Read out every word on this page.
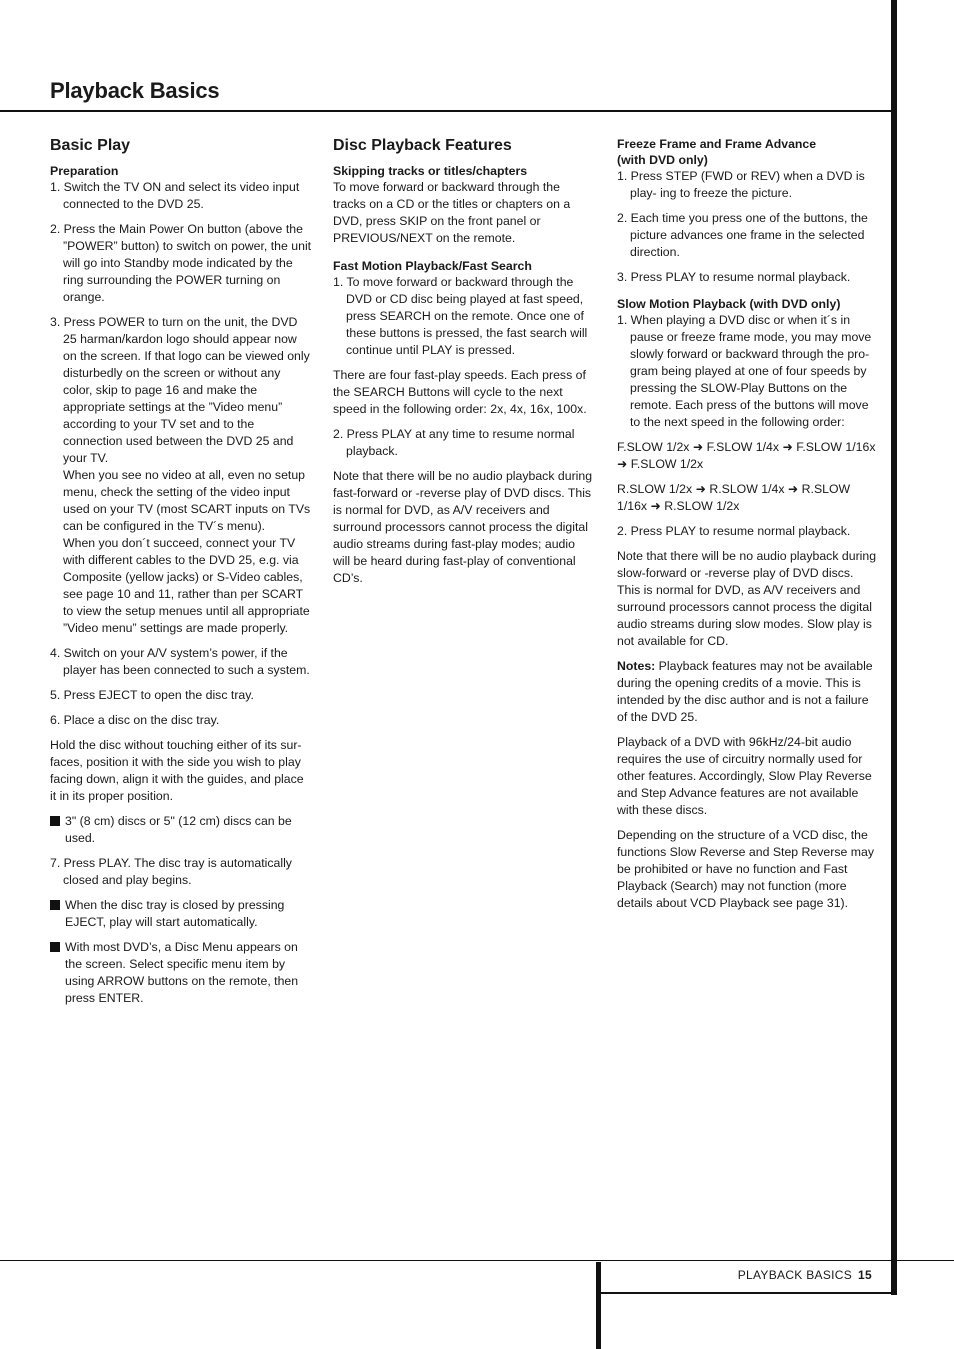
Playback Basics
Basic Play
Preparation
1. Switch the TV ON and select its video input connected to the DVD 25.
2. Press the Main Power On button (above the ”POWER” button) to switch on power, the unit will go into Standby mode indicated by the ring surrounding the POWER turning on orange.
3. Press POWER to turn on the unit, the DVD 25 harman/kardon logo should appear now on the screen. If that logo can be viewed only disturbedly on the screen or without any color, skip to page 16 and make the appropriate settings at the ”Video menu” according to your TV set and to the connection used between the DVD 25 and your TV.
When you see no video at all, even no setup menu, check the setting of the video input used on your TV (most SCART inputs on TVs can be configured in the TV´s menu).
When you don´t succeed, connect your TV with different cables to the DVD 25, e.g. via Composite (yellow jacks) or S-Video cables, see page 10 and 11, rather than per SCART to view the setup menues until all appropriate ”Video menu” settings are made properly.
4. Switch on your A/V system’s power, if the player has been connected to such a system.
5. Press EJECT to open the disc tray.
6. Place a disc on the disc tray.

Hold the disc without touching either of its sur- faces, position it with the side you wish to play facing down, align it with the guides, and place it in its proper position.

3" (8 cm) discs or 5" (12 cm) discs can be used.
7. Press PLAY. The disc tray is automatically closed and play begins.
When the disc tray is closed by pressing EJECT, play will start automatically.
With most DVD’s, a Disc Menu appears on the screen. Select specific menu item by using ARROW buttons on the remote, then press ENTER.
Disc Playback Features
Skipping tracks or titles/chapters

To move forward or backward through the tracks on a CD or the titles or chapters on a DVD, press SKIP on the front panel or PREVIOUS/NEXT on the remote.

Fast Motion Playback/Fast Search
1. To move forward or backward through the DVD or CD disc being played at fast speed, press SEARCH on the remote. Once one of these buttons is pressed, the fast search will continue until PLAY is pressed.

There are four fast-play speeds. Each press of the SEARCH Buttons will cycle to the next speed in the following order: 2x, 4x, 16x, 100x.

2. Press PLAY at any time to resume normal playback.

Note that there will be no audio playback during fast-forward or -reverse play of DVD discs. This is normal for DVD, as A/V receivers and surround processors cannot process the digital audio streams during fast-play modes; audio will be heard during fast-play of conventional CD’s.

Freeze Frame and Frame Advance
(with DVD only)
1. Press STEP (FWD or REV) when a DVD is play- ing to freeze the picture.
2. Each time you press one of the buttons, the picture advances one frame in the selected direction.
3. Press PLAY to resume normal playback.
Slow Motion Playback (with DVD only)
1. When playing a DVD disc or when it´s in pause or freeze frame mode, you may move slowly forward or backward through the pro- gram being played at one of four speeds by pressing the SLOW-Play Buttons on the remote. Each press of the buttons will move to the next speed in the following order:

F.SLOW 1/2x ➜ F.SLOW 1/4x ➜ F.SLOW 1/16x ➜ F.SLOW 1/2x

R.SLOW 1/2x ➜ R.SLOW 1/4x ➜ R.SLOW 1/16x ➜ R.SLOW 1/2x

2. Press PLAY to resume normal playback.

Note that there will be no audio playback during slow-forward or -reverse play of DVD discs. This is normal for DVD, as A/V receivers and surround processors cannot process the digital audio streams during slow modes. Slow play is not available for CD.

Notes: Playback features may not be available during the opening credits of a movie. This is intended by the disc author and is not a failure of the DVD 25.

Playback of a DVD with 96kHz/24-bit audio requires the use of circuitry normally used for other features. Accordingly, Slow Play Reverse and Step Advance features are not available with these discs.

Depending on the structure of a VCD disc, the functions Slow Reverse and Step Reverse may be prohibited or have no function and Fast Playback (Search) may not function (more details about VCD Playback see page 31).

PLAYBACK BASICS 15
